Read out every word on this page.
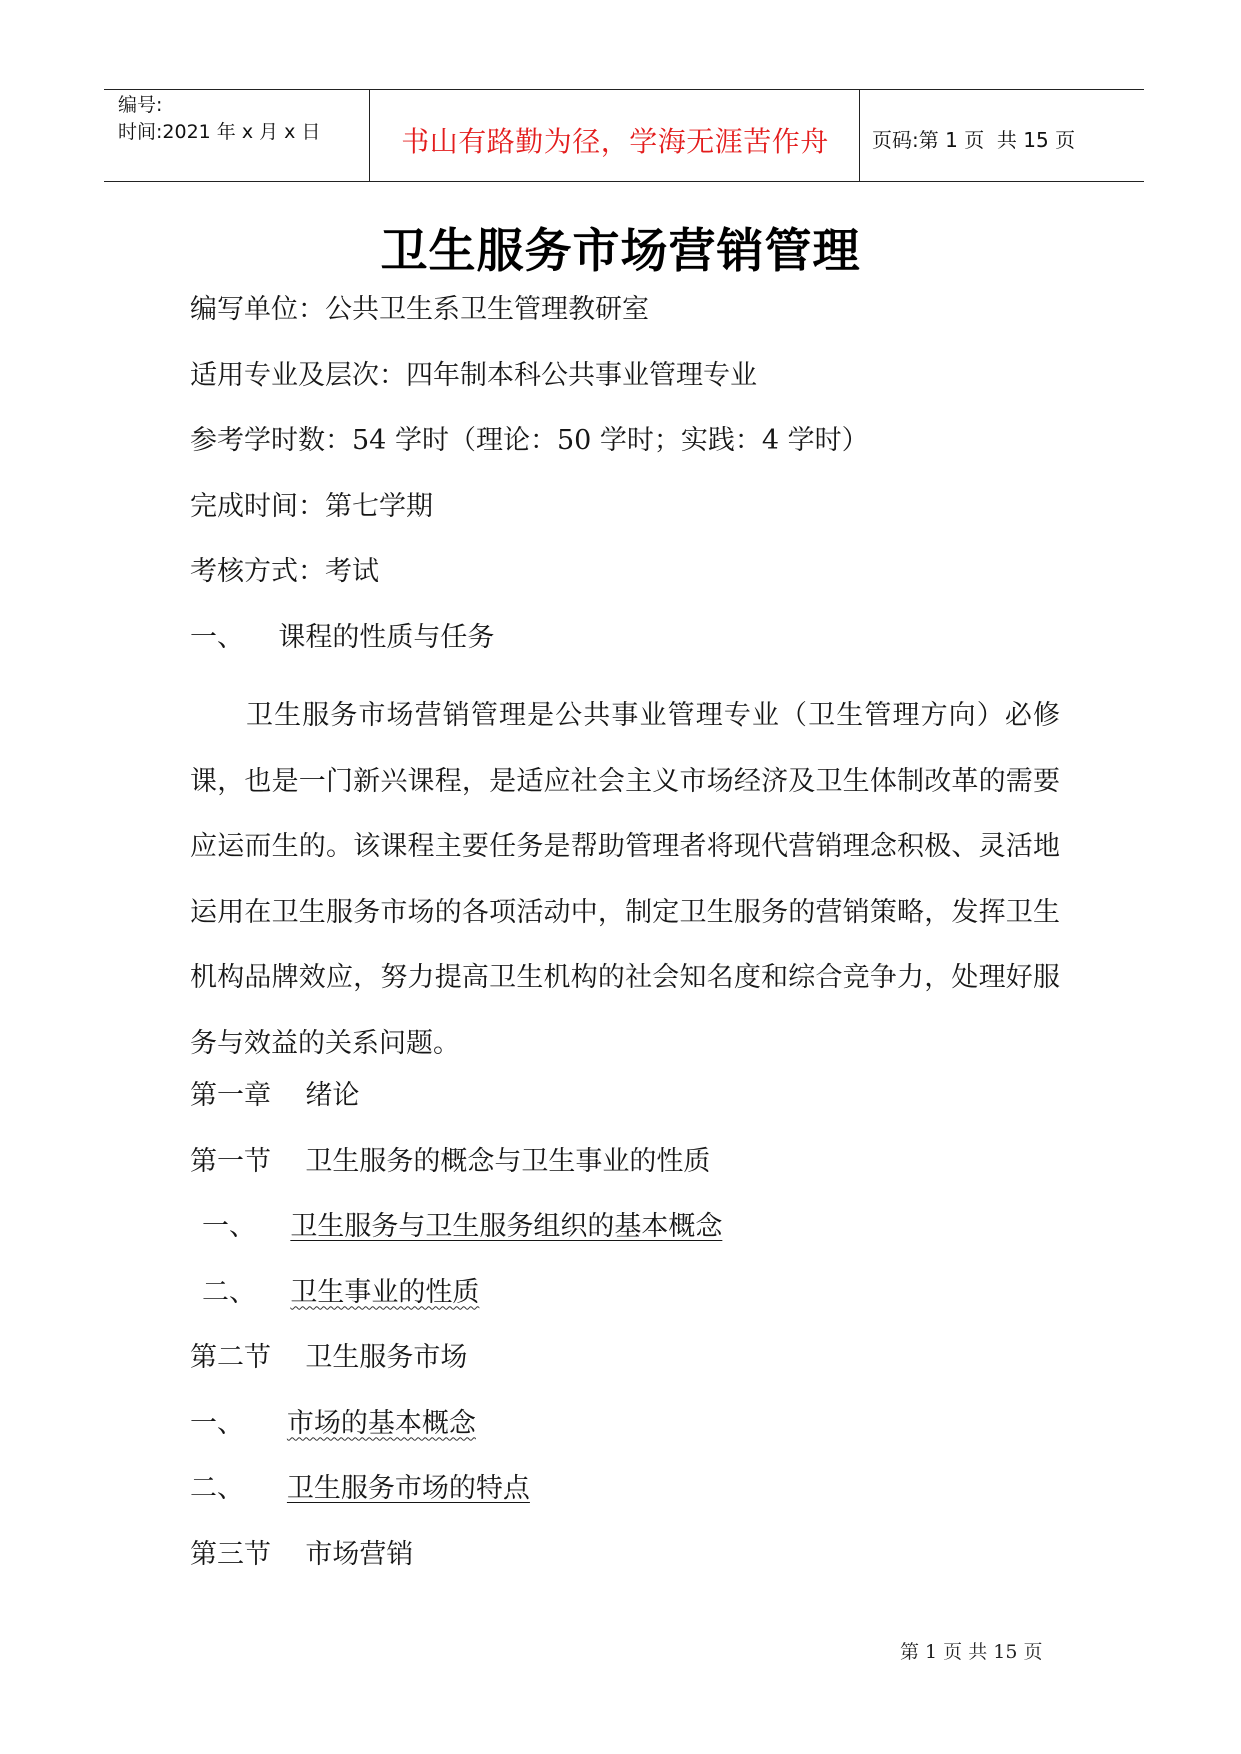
编号:
时间:2021 年 x 月 x 日	书山有路勤为径，学海无涯苦作舟	页码:第 1 页  共 15 页
卫生服务市场营销管理
编写单位：公共卫生系卫生管理教研室
适用专业及层次：四年制本科公共事业管理专业
参考学时数：54 学时（理论：50 学时；实践：4 学时）
完成时间：第七学期
考核方式：考试
一、 课程的性质与任务

卫生服务市场营销管理是公共事业管理专业（卫生管理方向）必修课，也是一门新兴课程，是适应社会主义市场经济及卫生体制改革的需要应运而生的。该课程主要任务是帮助管理者将现代营销理念积极、灵活地运用在卫生服务市场的各项活动中，制定卫生服务的营销策略，发挥卫生机构品牌效应，努力提高卫生机构的社会知名度和综合竞争力，处理好服务与效益的关系问题。

第一章 绪论
第一节 卫生服务的概念与卫生事业的性质
一、 卫生服务与卫生服务组织的基本概念
二、 卫生事业的性质
第二节 卫生服务市场
一、 市场的基本概念
二、 卫生服务市场的特点
第三节 市场营销
第 1 页 共 15 页
